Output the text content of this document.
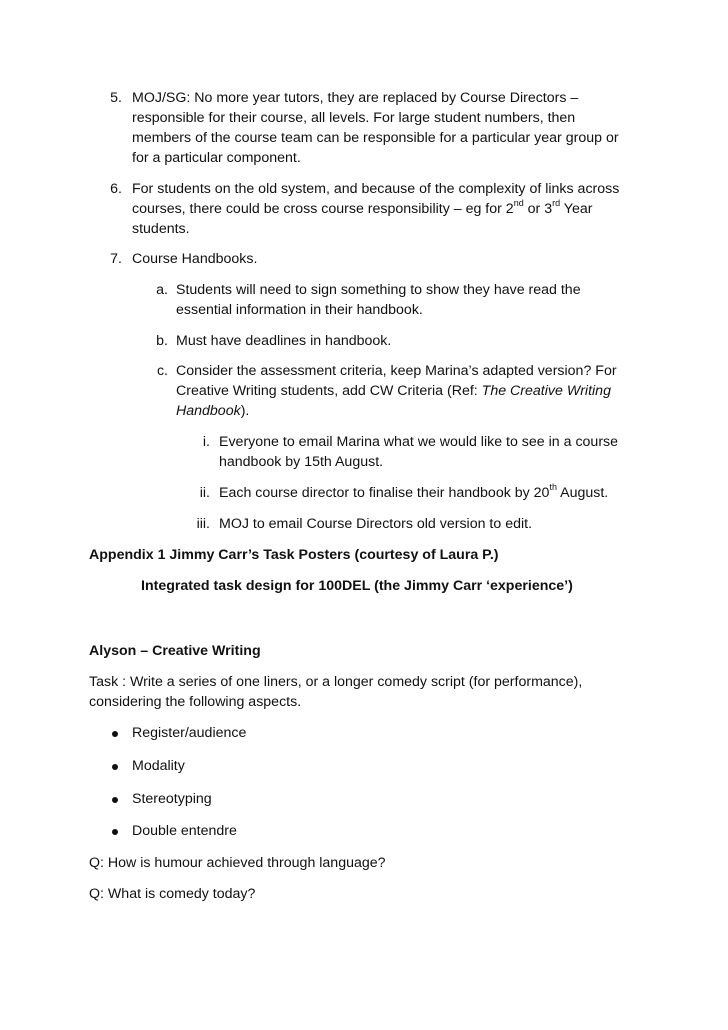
5. MOJ/SG: No more year tutors, they are replaced by Course Directors –
responsible for their course, all levels. For large student numbers, then
members of the course team can be responsible for a particular year group or
for a particular component.
6. For students on the old system, and because of the complexity of links across
courses, there could be cross course responsibility – eg for 2nd or 3rd Year
students.
7. Course Handbooks.
a. Students will need to sign something to show they have read the
essential information in their handbook.
b. Must have deadlines in handbook.
c. Consider the assessment criteria, keep Marina’s adapted version? For
Creative Writing students, add CW Criteria (Ref: The Creative Writing
Handbook).
i. Everyone to email Marina what we would like to see in a course
handbook by 15th August.
ii. Each course director to finalise their handbook by 20th August.
iii. MOJ to email Course Directors old version to edit.
Appendix 1 Jimmy Carr’s Task Posters (courtesy of Laura P.)
Integrated task design for 100DEL (the Jimmy Carr ‘experience’)
Alyson – Creative Writing
Task : Write a series of one liners, or a longer comedy script (for performance),
considering the following aspects.
Register/audience
Modality
Stereotyping
Double entendre
Q: How is humour achieved through language?
Q: What is comedy today?
